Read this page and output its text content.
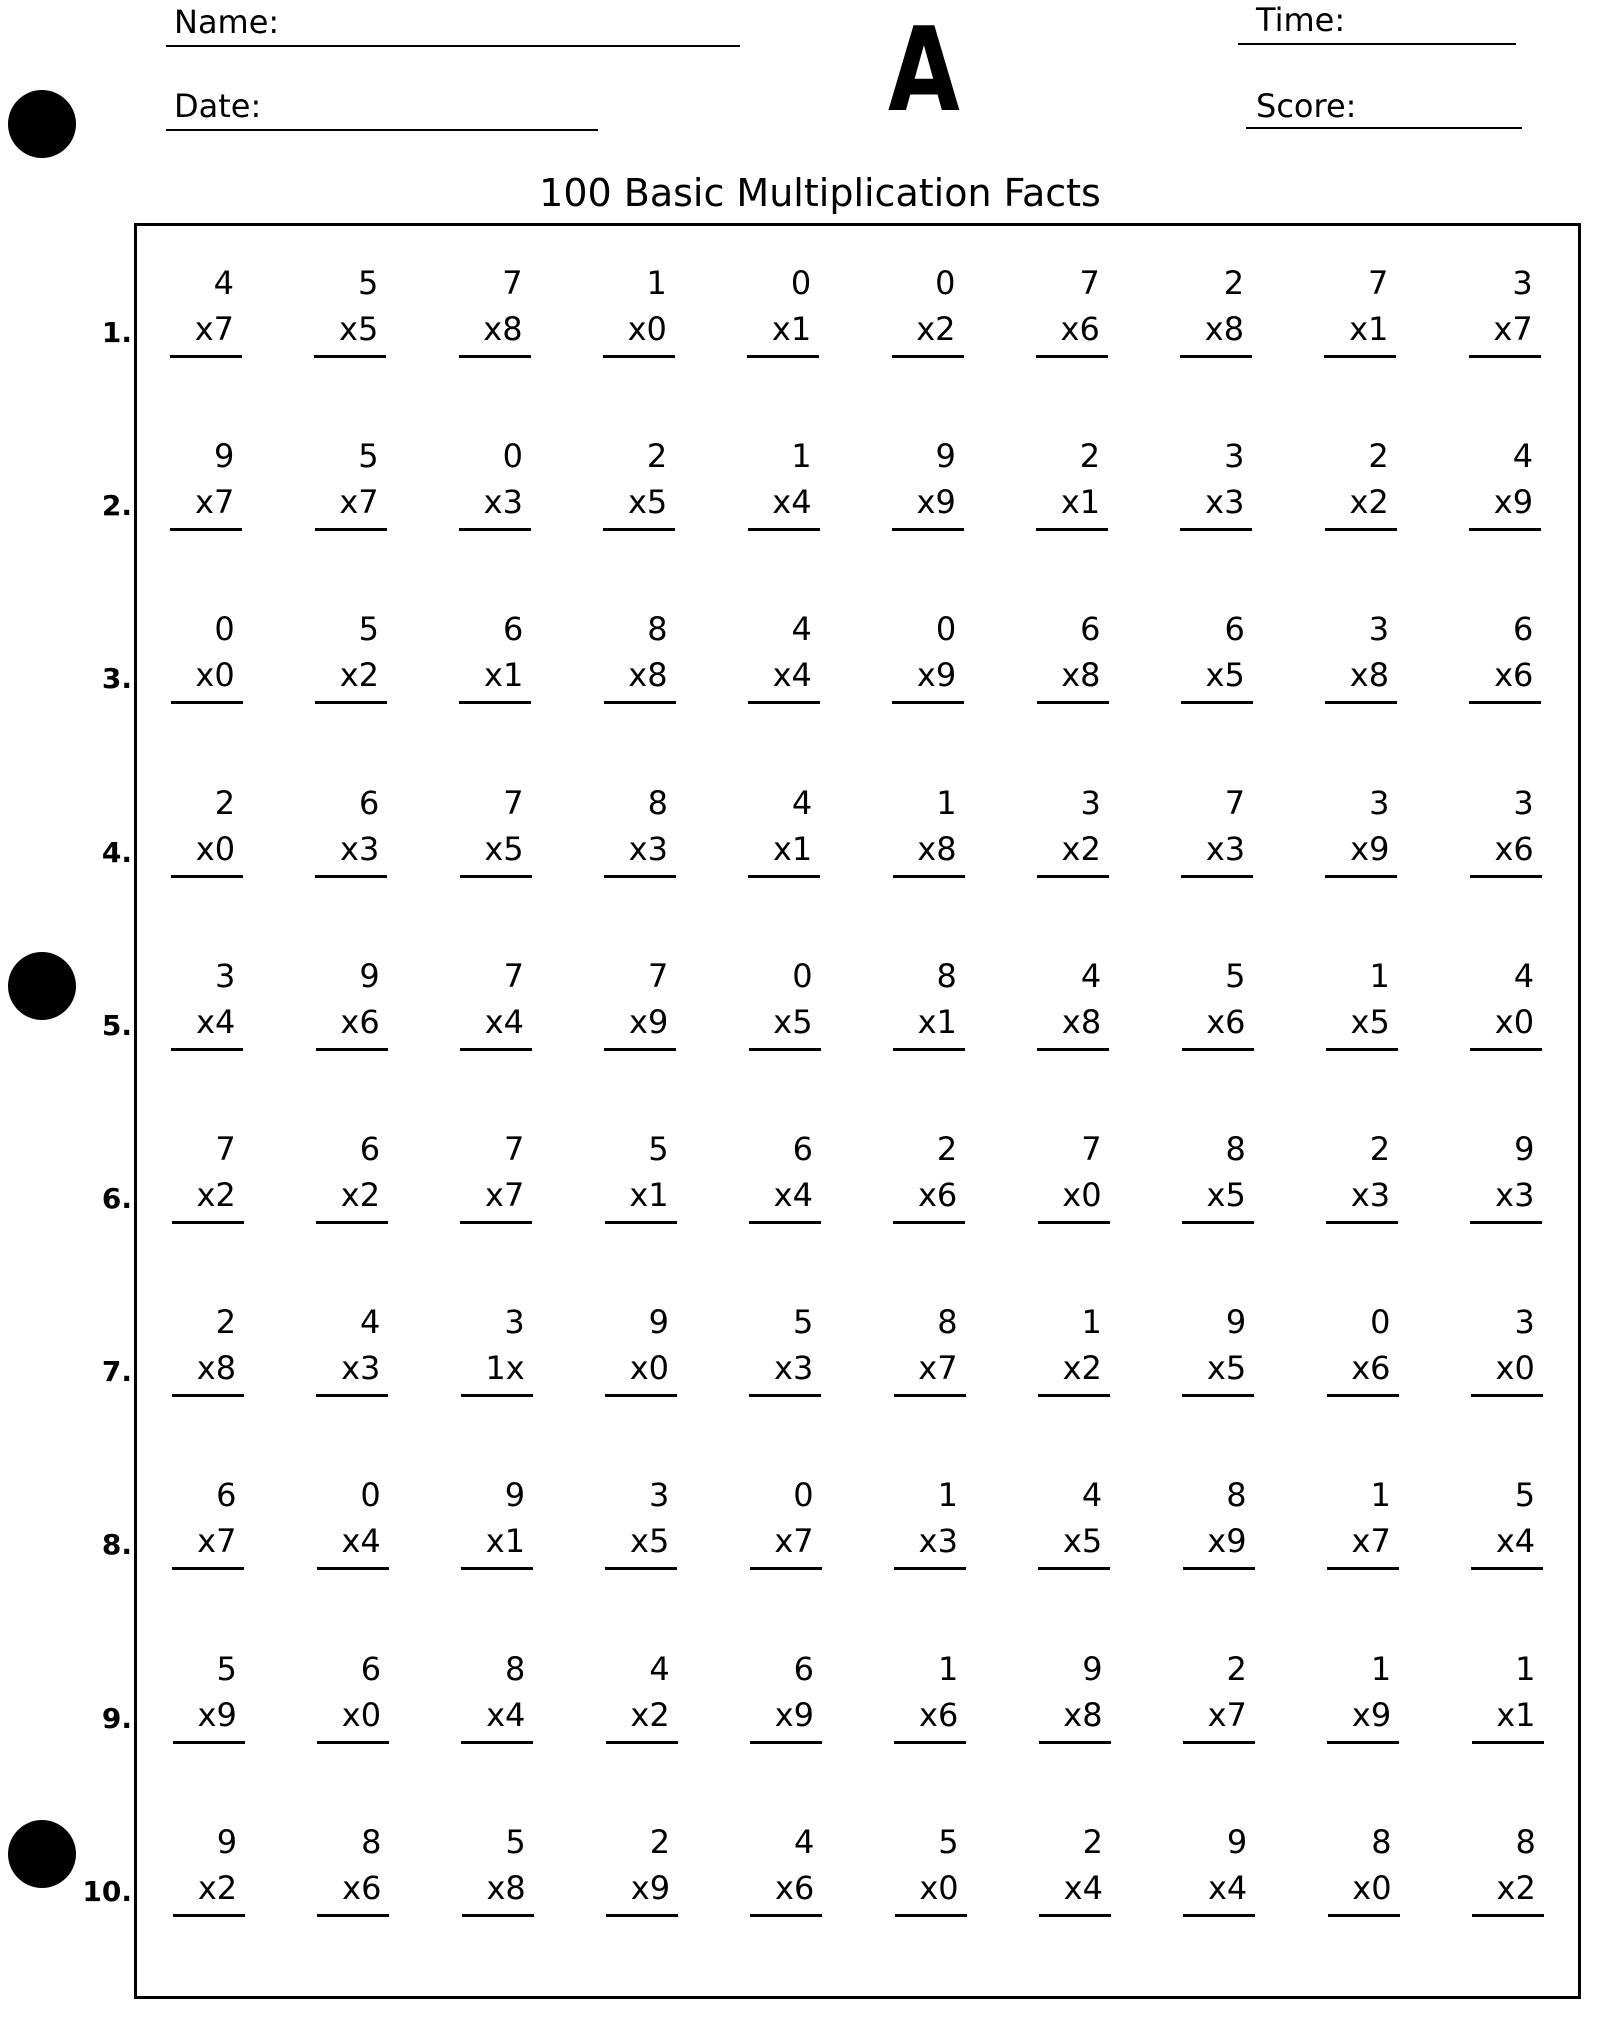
Name:
Date:
Time:
Score:
A
100 Basic Multiplication Facts
1.
4
x7
5
x5
7
x8
1
x0
0
x1
0
x2
7
x6
2
x8
7
x1
3
x7
2.
9
x7
5
x7
0
x3
2
x5
1
x4
9
x9
2
x1
3
x3
2
x2
4
x9
3.
0
x0
5
x2
6
x1
8
x8
4
x4
0
x9
6
x8
6
x5
3
x8
6
x6
4.
2
x0
6
x3
7
x5
8
x3
4
x1
1
x8
3
x2
7
x3
3
x9
3
x6
5.
3
x4
9
x6
7
x4
7
x9
0
x5
8
x1
4
x8
5
x6
1
x5
4
x0
6.
7
x2
6
x2
7
x7
5
x1
6
x4
2
x6
7
x0
8
x5
2
x3
9
x3
7.
2
x8
4
x3
3
1x
9
x0
5
x3
8
x7
1
x2
9
x5
0
x6
3
x0
8.
6
x7
0
x4
9
x1
3
x5
0
x7
1
x3
4
x5
8
x9
1
x7
5
x4
9.
5
x9
6
x0
8
x4
4
x2
6
x9
1
x6
9
x8
2
x7
1
x9
1
x1
10.
9
x2
8
x6
5
x8
2
x9
4
x6
5
x0
2
x4
9
x4
8
x0
8
x2
